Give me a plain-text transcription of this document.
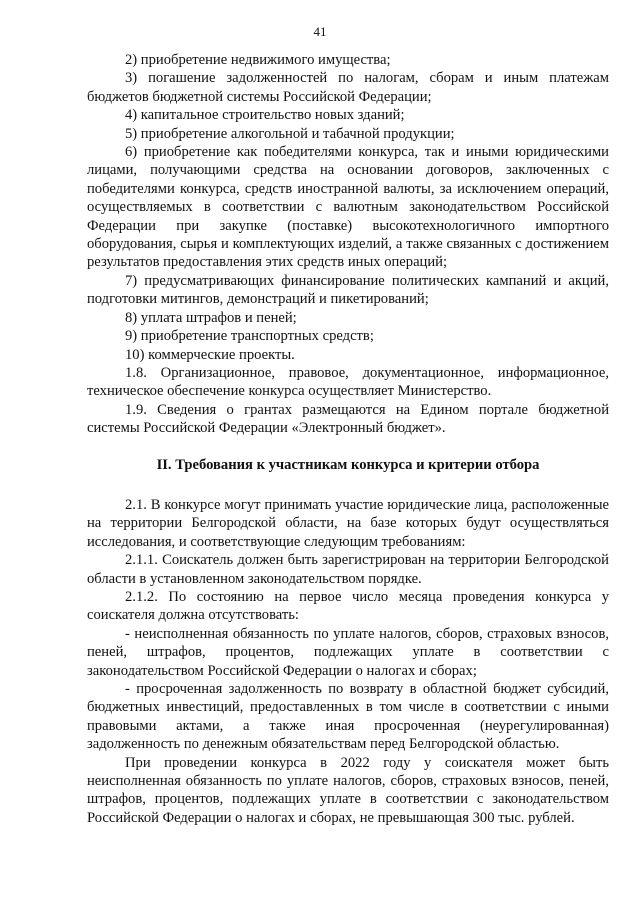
41

2) приобретение недвижимого имущества;

3) погашение задолженностей по налогам, сборам и иным платежам бюджетов бюджетной системы Российской Федерации;

4) капитальное строительство новых зданий;

5) приобретение алкогольной и табачной продукции;

6) приобретение как победителями конкурса, так и иными юридическими лицами, получающими средства на основании договоров, заключенных с победителями конкурса, средств иностранной валюты, за исключением операций, осуществляемых в соответствии с валютным законодательством Российской Федерации при закупке (поставке) высокотехнологичного импортного оборудования, сырья и комплектующих изделий, а также связанных с достижением результатов предоставления этих средств иных операций;

7) предусматривающих финансирование политических кампаний и акций, подготовки митингов, демонстраций и пикетирований;

8) уплата штрафов и пеней;

9) приобретение транспортных средств;

10) коммерческие проекты.

1.8. Организационное, правовое, документационное, информационное, техническое обеспечение конкурса осуществляет Министерство.

1.9. Сведения о грантах размещаются на Едином портале бюджетной системы Российской Федерации «Электронный бюджет».

II. Требования к участникам конкурса и критерии отбора

2.1. В конкурсе могут принимать участие юридические лица, расположенные на территории Белгородской области, на базе которых будут осуществляться исследования, и соответствующие следующим требованиям:

2.1.1. Соискатель должен быть зарегистрирован на территории Белгородской области в установленном законодательством порядке.

2.1.2. По состоянию на первое число месяца проведения конкурса у соискателя должна отсутствовать:

- неисполненная обязанность по уплате налогов, сборов, страховых взносов, пеней, штрафов, процентов, подлежащих уплате в соответствии с законодательством Российской Федерации о налогах и сборах;

- просроченная задолженность по возврату в областной бюджет субсидий, бюджетных инвестиций, предоставленных в том числе в соответствии с иными правовыми актами, а также иная просроченная (неурегулированная) задолженность по денежным обязательствам перед Белгородской областью.

При проведении конкурса в 2022 году у соискателя может быть неисполненная обязанность по уплате налогов, сборов, страховых взносов, пеней, штрафов, процентов, подлежащих уплате в соответствии с законодательством Российской Федерации о налогах и сборах, не превышающая 300 тыс. рублей.
